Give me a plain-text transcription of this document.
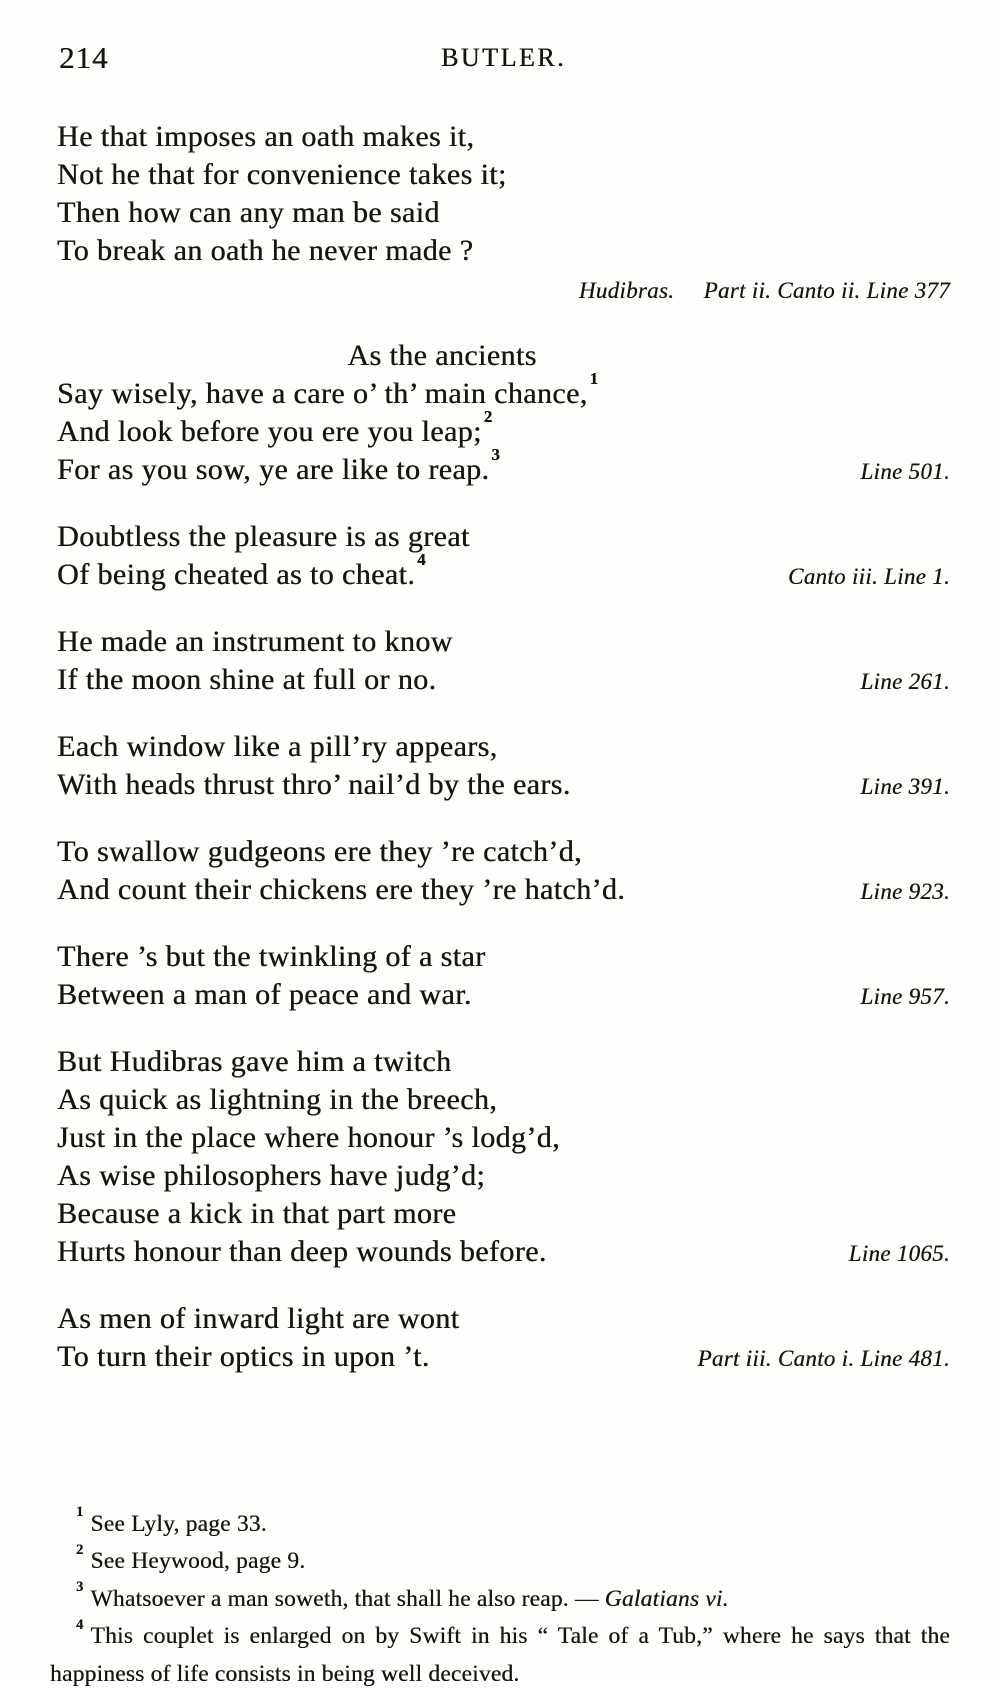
214	BUTLER.
He that imposes an oath makes it,
Not he that for convenience takes it;
Then how can any man be said
To break an oath he never made ?
Hudibras.  Part ii. Canto ii. Line 377
As the ancients
Say wisely, have a care o’ th’ main chance, $^1$
And look before you ere you leap; $^2$
For as you sow, ye are like to reap. $^3$
Line 501.
Doubtless the pleasure is as great
Of being cheated as to cheat. $^4$
Canto iii. Line 1.
He made an instrument to know
If the moon shine at full or no.	Line 261.
Each window like a pill’ry appears,
With heads thrust thro’ nail’d by the ears.	Line 391.
To swallow gudgeons ere they ’re catch’d,
And count their chickens ere they ’re hatch’d.	Line 923.
There ’s but the twinkling of a star
Between a man of peace and war.	Line 957.
But Hudibras gave him a twitch
As quick as lightning in the breech,
Just in the place where honour ’s lodg’d,
As wise philosophers have judg’d;
Because a kick in that part more
Hurts honour than deep wounds before.	Line 1065.
As men of inward light are wont
To turn their optics in upon ’t.	Part iii. Canto i. Line 481.

$^1$ See Lyly, page 33.

$^2$ See Heywood, page 9.

$^3$ Whatsoever a man soweth, that shall he also reap. — Galatians vi.

$^4$ This couplet is enlarged on by Swift in his “ Tale of a Tub,” where he says that the happiness of life consists in being well deceived.
